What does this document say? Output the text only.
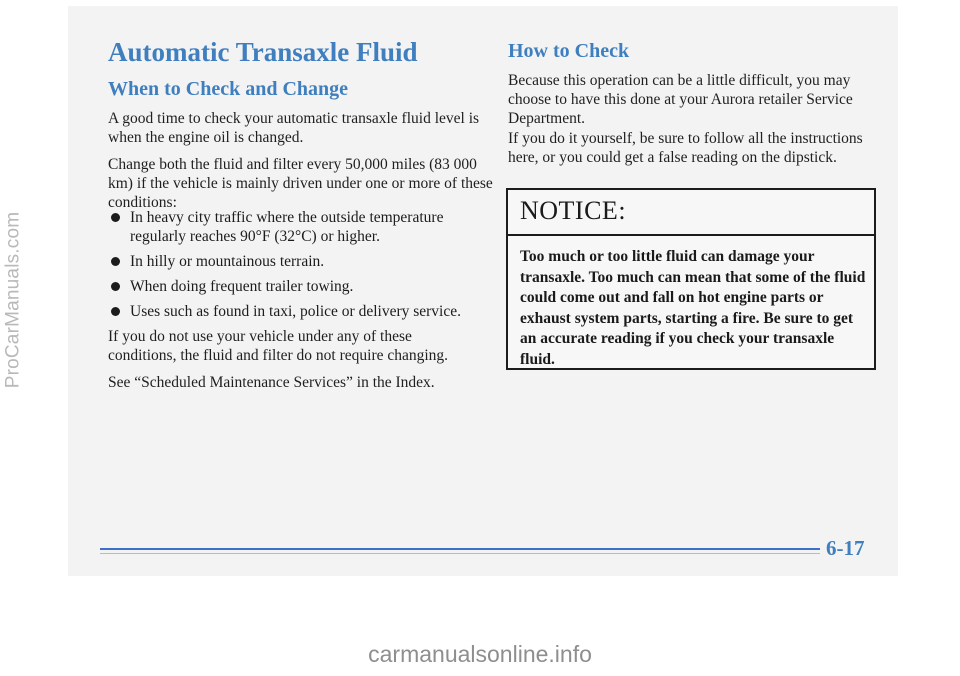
Automatic Transaxle Fluid
When to Check and Change

A good time to check your automatic transaxle fluid level is when the engine oil is changed.

Change both the fluid and filter every 50,000 miles (83 000 km) if the vehicle is mainly driven under one or more of these conditions:

In heavy city traffic where the outside temperature regularly reaches 90°F (32°C) or higher.
In hilly or mountainous terrain.
When doing frequent trailer towing.
Uses such as found in taxi, police or delivery service.

If you do not use your vehicle under any of these conditions, the fluid and filter do not require changing.

See “Scheduled Maintenance Services” in the Index.

How to Check

Because this operation can be a little difficult, you may choose to have this done at your Aurora retailer Service Department.

If you do it yourself, be sure to follow all the instructions here, or you could get a false reading on the dipstick.

NOTICE:

Too much or too little fluid can damage your transaxle. Too much can mean that some of the fluid could come out and fall on hot engine parts or exhaust system parts, starting a fire. Be sure to get an accurate reading if you check your transaxle fluid.

6-17

ProCarManuals.com
carmanualsonline.info
